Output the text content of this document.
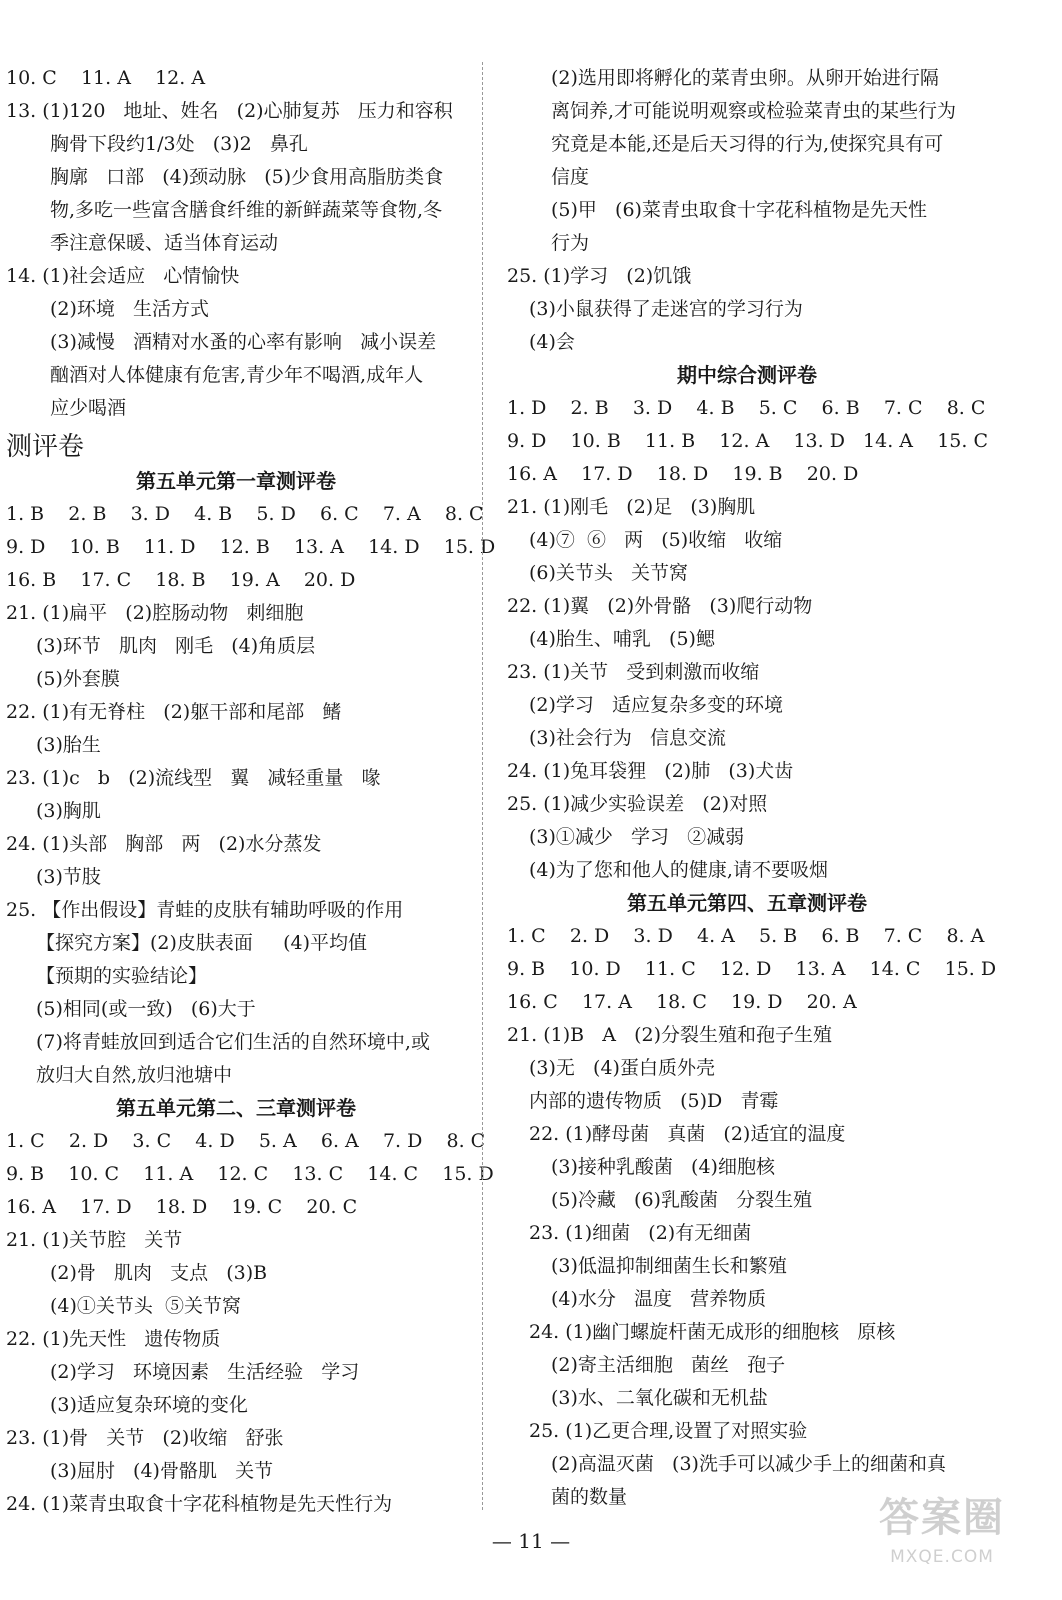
10. C    11. A    12. A
13. (1)120   地址、姓名   (2)心肺复苏   压力和容积
胸骨下段约1/3处   (3)2   鼻孔
胸廓   口部   (4)颈动脉   (5)少食用高脂肪类食
物,多吃一些富含膳食纤维的新鲜蔬菜等食物,冬
季注意保暖、适当体育运动
14. (1)社会适应   心情愉快
(2)环境   生活方式
(3)减慢   酒精对水蚤的心率有影响   减小误差
酗酒对人体健康有危害,青少年不喝酒,成年人
应少喝酒
测评卷
第五单元第一章测评卷
1. B    2. B    3. D    4. B    5. D    6. C    7. A    8. C
9. D    10. B    11. D    12. B    13. A    14. D    15. D
16. B    17. C    18. B    19. A    20. D
21. (1)扁平   (2)腔肠动物   刺细胞
(3)环节   肌肉   刚毛   (4)角质层
(5)外套膜
22. (1)有无脊柱   (2)躯干部和尾部   鳍
(3)胎生
23. (1)c   b   (2)流线型   翼   减轻重量   喙
(3)胸肌
24. (1)头部   胸部   两   (2)水分蒸发
(3)节肢
25. 【作出假设】青蛙的皮肤有辅助呼吸的作用
【探究方案】(2)皮肤表面     (4)平均值
【预期的实验结论】
(5)相同(或一致)   (6)大于
(7)将青蛙放回到适合它们生活的自然环境中,或
放归大自然,放归池塘中
第五单元第二、三章测评卷
1. C    2. D    3. C    4. D    5. A    6. A    7. D    8. C
9. B    10. C    11. A    12. C    13. C    14. C    15. D
16. A    17. D    18. D    19. C    20. C
21. (1)关节腔   关节
(2)骨   肌肉   支点   (3)B
(4)①关节头  ⑤关节窝
22. (1)先天性   遗传物质
(2)学习   环境因素   生活经验   学习
(3)适应复杂环境的变化
23. (1)骨   关节   (2)收缩   舒张
(3)屈肘   (4)骨骼肌   关节
24. (1)菜青虫取食十字花科植物是先天性行为
(2)选用即将孵化的菜青虫卵。从卵开始进行隔
离饲养,才可能说明观察或检验菜青虫的某些行为
究竟是本能,还是后天习得的行为,使探究具有可
信度
(5)甲   (6)菜青虫取食十字花科植物是先天性
行为
25. (1)学习   (2)饥饿
(3)小鼠获得了走迷宫的学习行为
(4)会
期中综合测评卷
1. D    2. B    3. D    4. B    5. C    6. B    7. C    8. C
9. D    10. B    11. B    12. A    13. D   14. A    15. C
16. A    17. D    18. D    19. B    20. D
21. (1)刚毛   (2)足   (3)胸肌
(4)⑦  ⑥   两   (5)收缩   收缩
(6)关节头   关节窝
22. (1)翼   (2)外骨骼   (3)爬行动物
(4)胎生、哺乳   (5)鳃
23. (1)关节   受到刺激而收缩
(2)学习   适应复杂多变的环境
(3)社会行为   信息交流
24. (1)兔耳袋狸   (2)肺   (3)犬齿
25. (1)减少实验误差   (2)对照
(3)①减少   学习   ②减弱
(4)为了您和他人的健康,请不要吸烟
第五单元第四、五章测评卷
1. C    2. D    3. D    4. A    5. B    6. B    7. C    8. A
9. B    10. D    11. C    12. D    13. A    14. C    15. D
16. C    17. A    18. C    19. D    20. A
21. (1)B   A   (2)分裂生殖和孢子生殖
(3)无   (4)蛋白质外壳
内部的遗传物质   (5)D   青霉
22. (1)酵母菌   真菌   (2)适宜的温度
(3)接种乳酸菌   (4)细胞核
(5)冷藏   (6)乳酸菌   分裂生殖
23. (1)细菌   (2)有无细菌
(3)低温抑制细菌生长和繁殖
(4)水分   温度   营养物质
24. (1)幽门螺旋杆菌无成形的细胞核   原核
(2)寄主活细胞   菌丝   孢子
(3)水、二氧化碳和无机盐
25. (1)乙更合理,设置了对照实验
(2)高温灭菌   (3)洗手可以减少手上的细菌和真
菌的数量
— 11 —	答案圈
MXQE.COM
